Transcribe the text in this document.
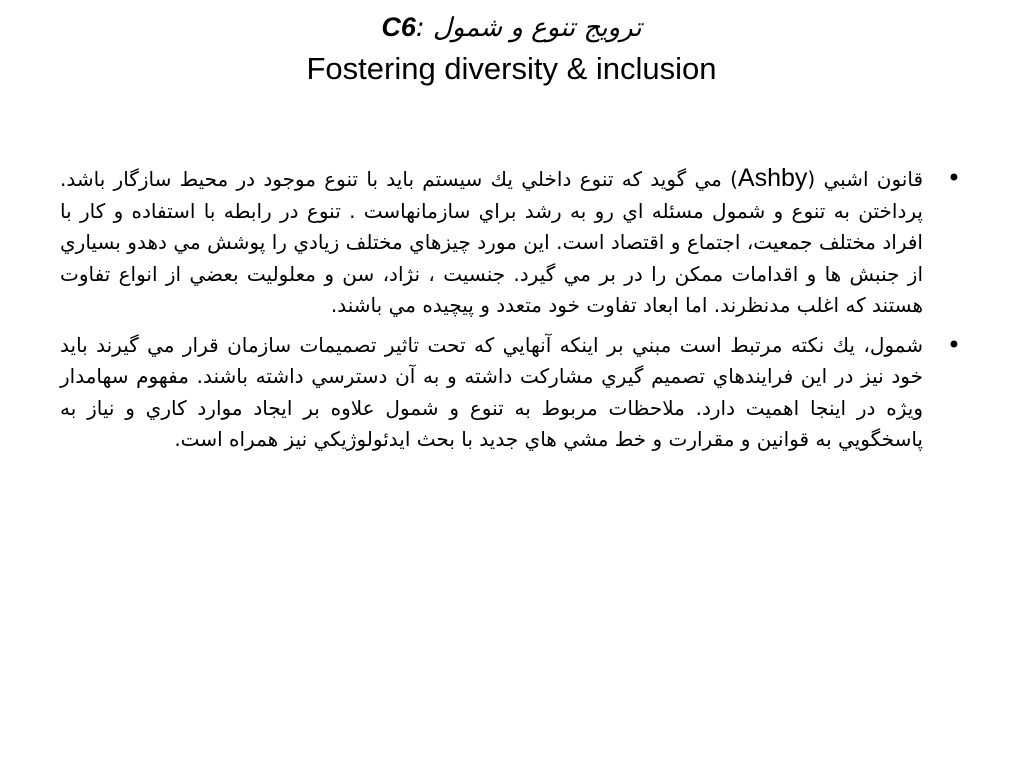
C6: ترويج تنوع و شمول
Fostering diversity & inclusion
•
قانون اشبي (Ashby) مي گويد كه تنوع داخلي يك سيستم بايد با تنوع موجود در محيط سازگار باشد. پرداختن به تنوع و شمول مسئله اي رو به رشد براي سازمانهاست . تنوع در رابطه با استفاده و كار با افراد مختلف جمعيت، اجتماع و اقتصاد است. اين مورد چيزهاي مختلف زيادي را پوشش مي دهدو بسياري از جنبش ها و اقدامات ممكن را در بر مي گيرد. جنسيت ، نژاد، سن و معلوليت بعضي از انواع تفاوت هستند كه اغلب مدنظرند. اما ابعاد تفاوت خود متعدد و پيچيده مي باشند.
•
شمول، يك نكته مرتبط است مبني بر اينكه آنهايي كه تحت تاثير تصميمات سازمان قرار مي گيرند بايد خود نيز در اين فرايندهاي تصميم گيري مشاركت داشته و به آن دسترسي داشته باشند. مفهوم سهامدار ويژه در اينجا اهميت دارد. ملاحظات مربوط به تنوع و شمول علاوه بر ايجاد موارد كاري و نياز به پاسخگويي به قوانين و مقرارت و خط مشي هاي جديد با بحث ايدئولوژيكي نيز همراه است.
